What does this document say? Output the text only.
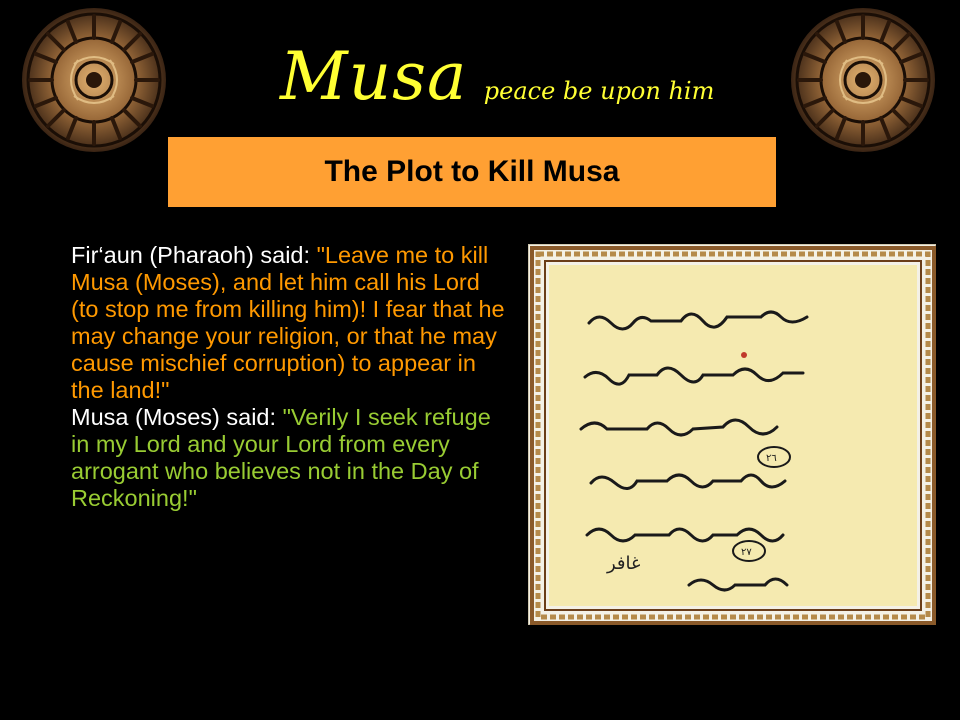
Musa peace be upon him
The Plot to Kill Musa

Fir‘aun (Pharaoh) said: "Leave me to kill Musa (Moses), and let him call his Lord (to stop me from killing him)! I fear that he may change your religion, or that he may cause mischief corruption) to appear in the land!"

Musa (Moses) said: "Verily I seek refuge in my Lord and your Lord from every arrogant who believes not in the Day of Reckoning!"

٢٦
٢٧
غافر
